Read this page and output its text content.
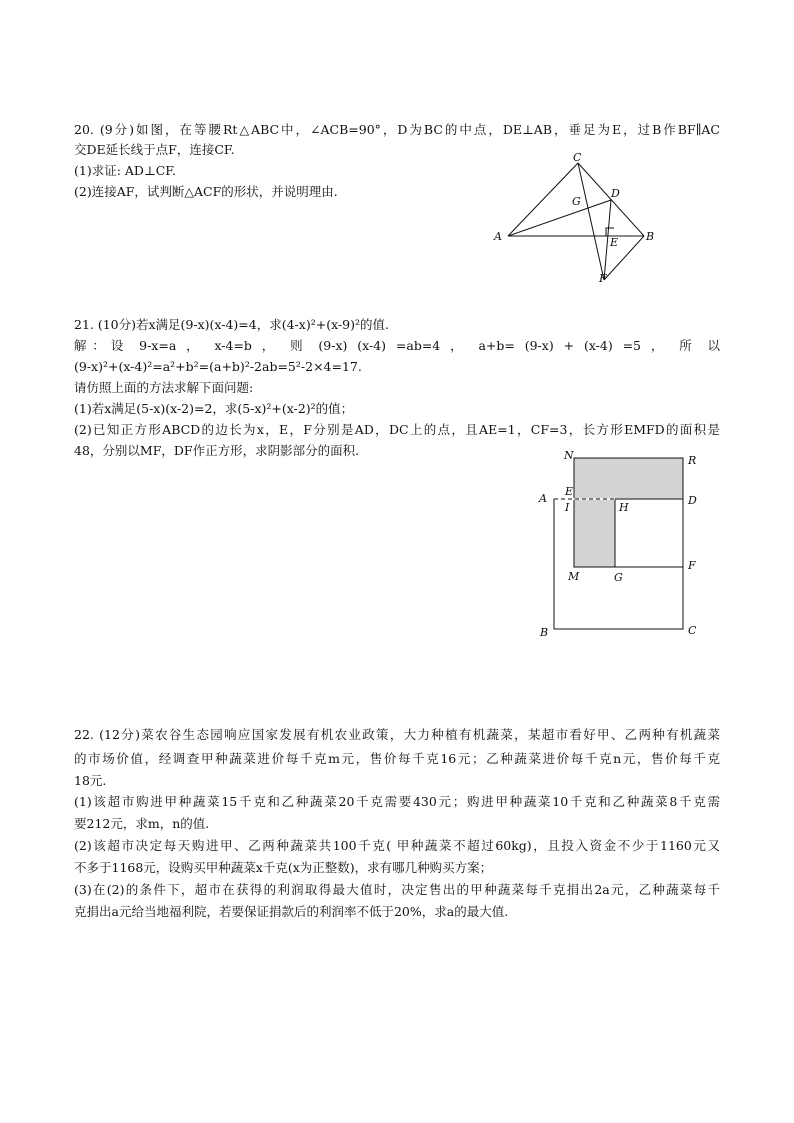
20. (9分)如图，在等腰Rt△ABC中，∠ACB=90°，D为BC的中点，DE⊥AB，垂足为E，过B作BF∥AC
交DE延长线于点F，连接CF.
(1)求证: AD⊥CF.
(2)连接AF，试判断△ACF的形状，并说明理由.
C
D
G
A	E	B
F
21. (10分)若x满足(9-x)(x-4)=4，求(4-x)²+(x-9)²的值.
解：设 9-x=a ， x-4=b ， 则 (9-x) (x-4) =ab=4 ， a+b= (9-x) + (x-4) =5 ， 所 以
(9-x)²+(x-4)²=a²+b²=(a+b)²-2ab=5²-2×4=17.
请仿照上面的方法求解下面问题:
(1)若x满足(5-x)(x-2)=2，求(5-x)²+(x-2)²的值；
(2)已知正方形ABCD的边长为x，E，F分别是AD，DC上的点，且AE=1，CF=3，长方形EMFD的面积是
48，分别以MF，DF作正方形，求阴影部分的面积.	N	R
A
E
D
I	H
F
M	G
B	C
22. (12分)菜农谷生态园响应国家发展有机农业政策，大力种植有机蔬菜，某超市看好甲、乙两种有机蔬菜
的市场价值，经调查甲种蔬菜进价每千克m元，售价每千克16元；乙种蔬菜进价每千克n元，售价每千克
18元.
(1)该超市购进甲种蔬菜15千克和乙种蔬菜20千克需要430元；购进甲种蔬菜10千克和乙种蔬菜8千克需
要212元，求m，n的值.
(2)该超市决定每天购进甲、乙两种蔬菜共100千克( 甲种蔬菜不超过60kg)，且投入资金不少于1160元又
不多于1168元，设购买甲种蔬菜x千克(x为正整数)，求有哪几种购买方案；
(3)在(2)的条件下，超市在获得的利润取得最大值时，决定售出的甲种蔬菜每千克捐出2a元，乙种蔬菜每千
克捐出a元给当地福利院，若要保证捐款后的利润率不低于20%，求a的最大值.
